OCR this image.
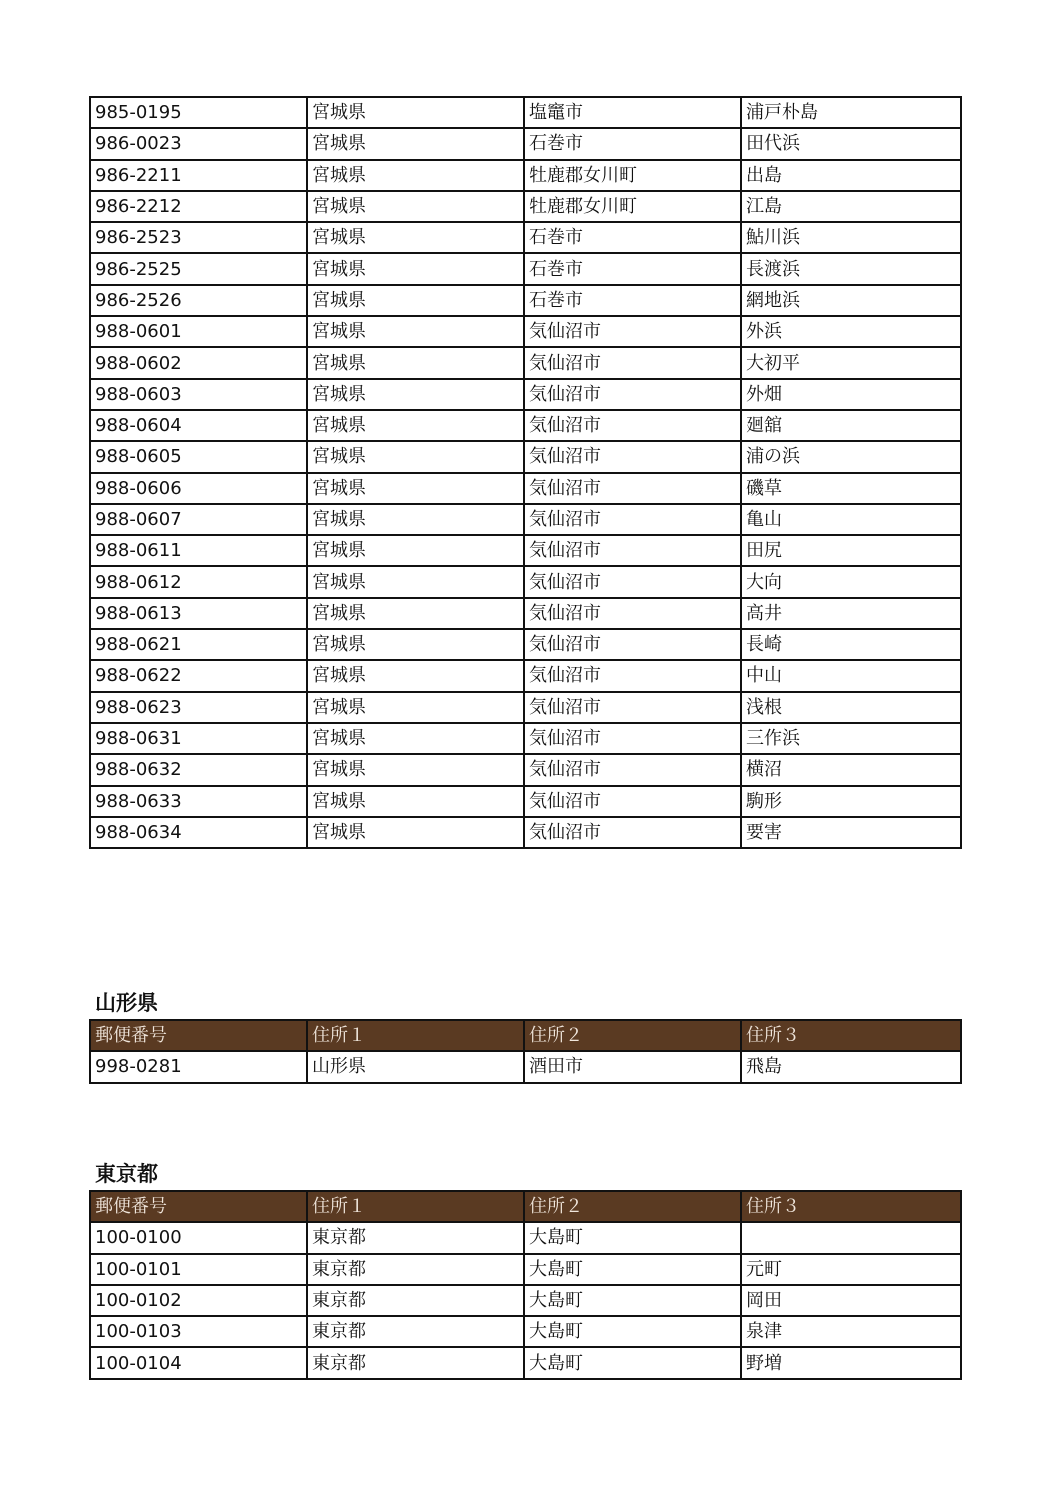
985-0195	宮城県	塩竈市	浦戸朴島
986-0023	宮城県	石巻市	田代浜
986-2211	宮城県	牡鹿郡女川町	出島
986-2212	宮城県	牡鹿郡女川町	江島
986-2523	宮城県	石巻市	鮎川浜
986-2525	宮城県	石巻市	長渡浜
986-2526	宮城県	石巻市	網地浜
988-0601	宮城県	気仙沼市	外浜
988-0602	宮城県	気仙沼市	大初平
988-0603	宮城県	気仙沼市	外畑
988-0604	宮城県	気仙沼市	廻舘
988-0605	宮城県	気仙沼市	浦の浜
988-0606	宮城県	気仙沼市	磯草
988-0607	宮城県	気仙沼市	亀山
988-0611	宮城県	気仙沼市	田尻
988-0612	宮城県	気仙沼市	大向
988-0613	宮城県	気仙沼市	高井
988-0621	宮城県	気仙沼市	長崎
988-0622	宮城県	気仙沼市	中山
988-0623	宮城県	気仙沼市	浅根
988-0631	宮城県	気仙沼市	三作浜
988-0632	宮城県	気仙沼市	横沼
988-0633	宮城県	気仙沼市	駒形
988-0634	宮城県	気仙沼市	要害
山形県
郵便番号	住所１	住所２	住所３
998-0281	山形県	酒田市	飛島
東京都
郵便番号	住所１	住所２	住所３
100-0100	東京都	大島町	
100-0101	東京都	大島町	元町
100-0102	東京都	大島町	岡田
100-0103	東京都	大島町	泉津
100-0104	東京都	大島町	野増
